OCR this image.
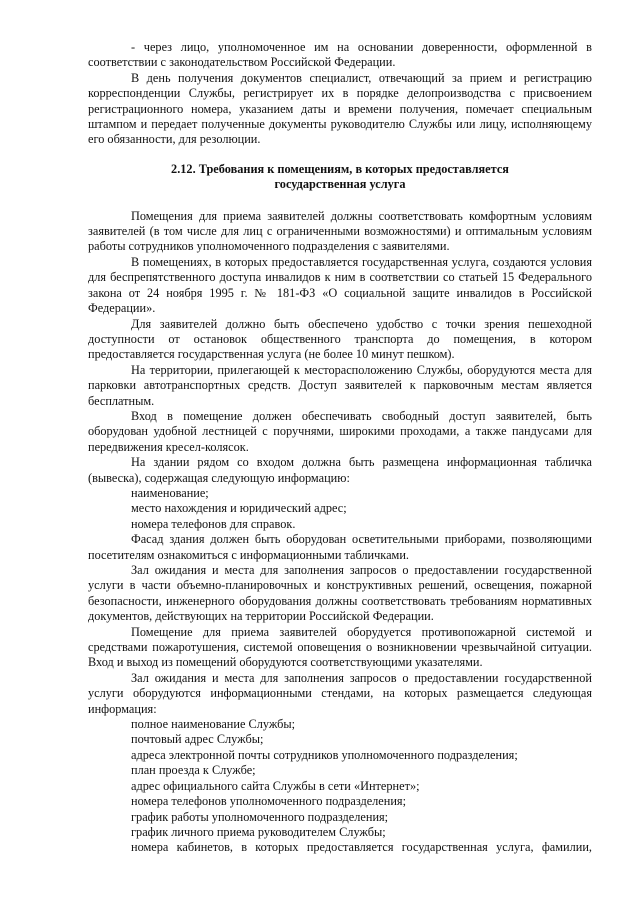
- через лицо, уполномоченное им на основании доверенности, оформленной в соответствии с законодательством Российской Федерации.

В день получения документов специалист, отвечающий за прием и регистрацию корреспонденции Службы, регистрирует их в порядке делопроизводства с присвоением регистрационного номера, указанием даты и времени получения, помечает специальным штампом и передает полученные документы руководителю Службы или лицу, исполняющему его обязанности, для резолюции.

2.12. Требования к помещениям, в которых предоставляется
государственная услуга

Помещения для приема заявителей должны соответствовать комфортным условиям заявителей (в том числе для лиц с ограниченными возможностями) и оптимальным условиям работы сотрудников уполномоченного подразделения с заявителями.

В помещениях, в которых предоставляется государственная услуга, создаются условия для беспрепятственного доступа инвалидов к ним в соответствии со статьей 15 Федерального закона от 24 ноября 1995 г. № 181-ФЗ «О социальной защите инвалидов в Российской Федерации».

Для заявителей должно быть обеспечено удобство с точки зрения пешеходной доступности от остановок общественного транспорта до помещения, в котором предоставляется государственная услуга (не более 10 минут пешком).

На территории, прилегающей к месторасположению Службы, оборудуются места для парковки автотранспортных средств. Доступ заявителей к парковочным местам является бесплатным.

Вход в помещение должен обеспечивать свободный доступ заявителей, быть оборудован удобной лестницей с поручнями, широкими проходами, а также пандусами для передвижения кресел-колясок.

На здании рядом со входом должна быть размещена информационная табличка (вывеска), содержащая следующую информацию:

наименование;

место нахождения и юридический адрес;

номера телефонов для справок.

Фасад здания должен быть оборудован осветительными приборами, позволяющими посетителям ознакомиться с информационными табличками.

Зал ожидания и места для заполнения запросов о предоставлении государственной услуги в части объемно-планировочных и конструктивных решений, освещения, пожарной безопасности, инженерного оборудования должны соответствовать требованиям нормативных документов, действующих на территории Российской Федерации.

Помещение для приема заявителей оборудуется противопожарной системой и средствами пожаротушения, системой оповещения о возникновении чрезвычайной ситуации. Вход и выход из помещений оборудуются соответствующими указателями.

Зал ожидания и места для заполнения запросов о предоставлении государственной услуги оборудуются информационными стендами, на которых размещается следующая информация:

полное наименование Службы;

почтовый адрес Службы;

адреса электронной почты сотрудников уполномоченного подразделения;

план проезда к Службе;

адрес официального сайта Службы в сети «Интернет»;

номера телефонов уполномоченного подразделения;

график работы уполномоченного подразделения;

график личного приема руководителем Службы;

номера кабинетов, в которых предоставляется государственная услуга, фамилии,
